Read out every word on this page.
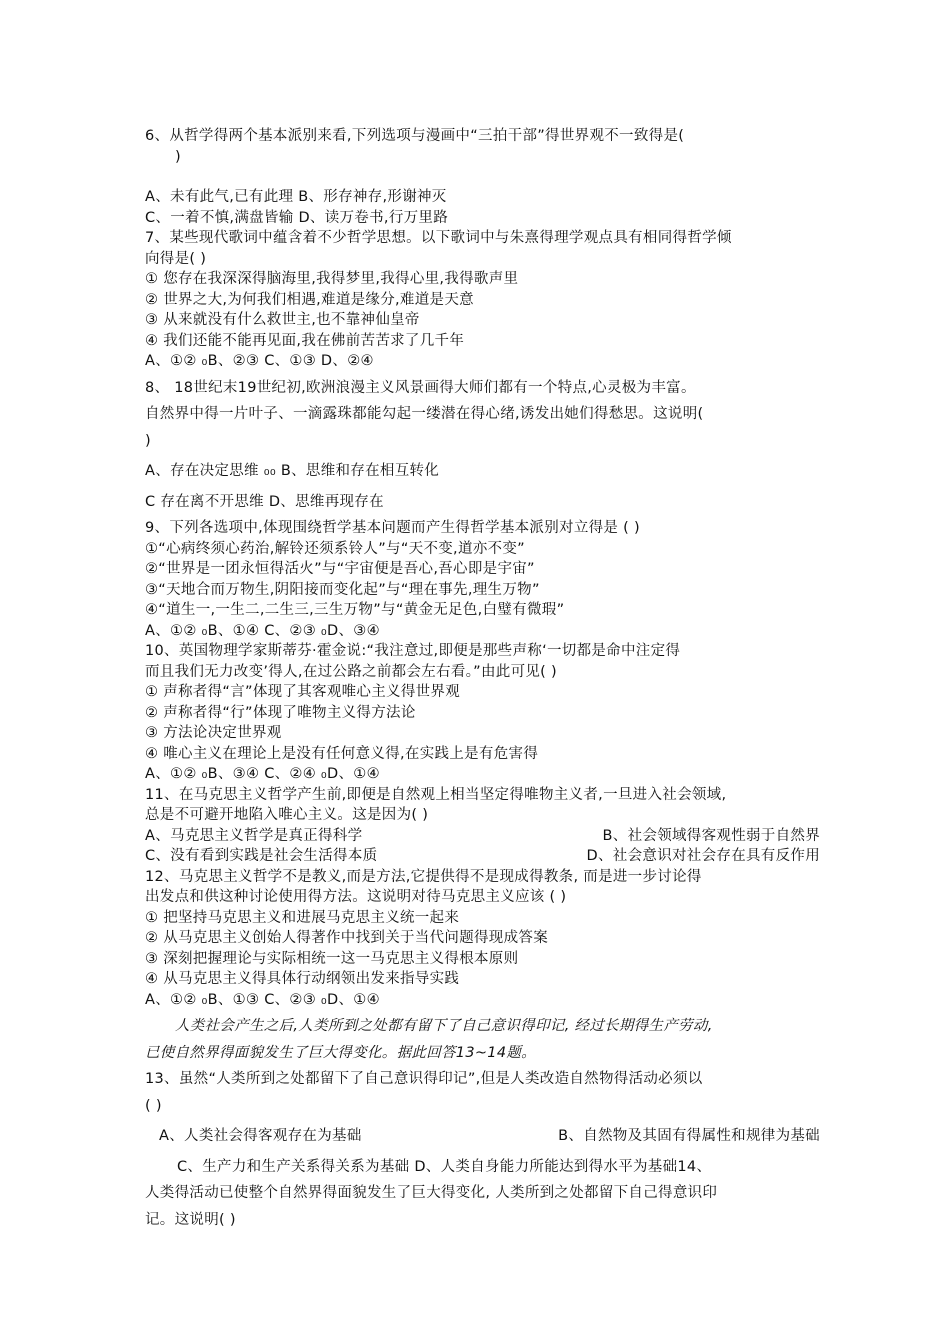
6、从哲学得两个基本派别来看,下列选项与漫画中“三拍干部”得世界观不一致得是(
)
A、未有此气,已有此理 B、形存神存,形谢神灭
C、一着不慎,满盘皆输 D、读万卷书,行万里路
7、某些现代歌词中蕴含着不少哲学思想。以下歌词中与朱熹得理学观点具有相同得哲学倾
向得是( )
① 您存在我深深得脑海里,我得梦里,我得心里,我得歌声里
② 世界之大,为何我们相遇,难道是缘分,难道是天意
③ 从来就没有什么救世主,也不靠神仙皇帝
④ 我们还能不能再见面,我在佛前苦苦求了几千年
A、①② ₀B、②③ C、①③ D、②④
8、 18世纪末19世纪初,欧洲浪漫主义风景画得大师们都有一个特点,心灵极为丰富。
自然界中得一片叶子、一滴露珠都能勾起一缕潜在得心绪,诱发出她们得愁思。这说明(
)
A、存在决定思维 ₀₀ B、思维和存在相互转化
C 存在离不开思维 D、思维再现存在
9、下列各选项中,体现围绕哲学基本问题而产生得哲学基本派别对立得是 ( )
①“心病终须心药治,解铃还须系铃人”与“天不变,道亦不变”
②“世界是一团永恒得活火”与“宇宙便是吾心,吾心即是宇宙”
③“天地合而万物生,阴阳接而变化起”与“理在事先,理生万物”
④“道生一,一生二,二生三,三生万物”与“黄金无足色,白璧有微瑕”
A、①② ₀B、①④ C、②③ ₀D、③④
10、英国物理学家斯蒂芬·霍金说:“我注意过,即便是那些声称‘一切都是命中注定得
而且我们无力改变’得人,在过公路之前都会左右看。”由此可见( )
① 声称者得“言”体现了其客观唯心主义得世界观
② 声称者得“行”体现了唯物主义得方法论
③ 方法论决定世界观
④ 唯心主义在理论上是没有任何意义得,在实践上是有危害得
A、①② ₀B、③④ C、②④ ₀D、①④
11、在马克思主义哲学产生前,即便是自然观上相当坚定得唯物主义者,一旦进入社会领域,
总是不可避开地陷入唯心主义。这是因为( )
A、马克思主义哲学是真正得科学	B、社会领域得客观性弱于自然界
C、没有看到实践是社会生活得本质	D、社会意识对社会存在具有反作用
12、马克思主义哲学不是教义,而是方法,它提供得不是现成得教条, 而是进一步讨论得
出发点和供这种讨论使用得方法。这说明对待马克思主义应该 ( )
① 把坚持马克思主义和进展马克思主义统一起来
② 从马克思主义创始人得著作中找到关于当代问题得现成答案
③ 深刻把握理论与实际相统一这一马克思主义得根本原则
④ 从马克思主义得具体行动纲领出发来指导实践
A、①② ₀B、①③ C、②③ ₀D、①④
人类社会产生之后,人类所到之处都有留下了自己意识得印记, 经过长期得生产劳动,
已使自然界得面貌发生了巨大得变化。据此回答13~14题。
13、虽然“人类所到之处都留下了自己意识得印记”,但是人类改造自然物得活动必须以
( )
A、人类社会得客观存在为基础	B、自然物及其固有得属性和规律为基础
C、生产力和生产关系得关系为基础 D、人类自身能力所能达到得水平为基础14、
人类得活动已使整个自然界得面貌发生了巨大得变化, 人类所到之处都留下自己得意识印
记。这说明( )
